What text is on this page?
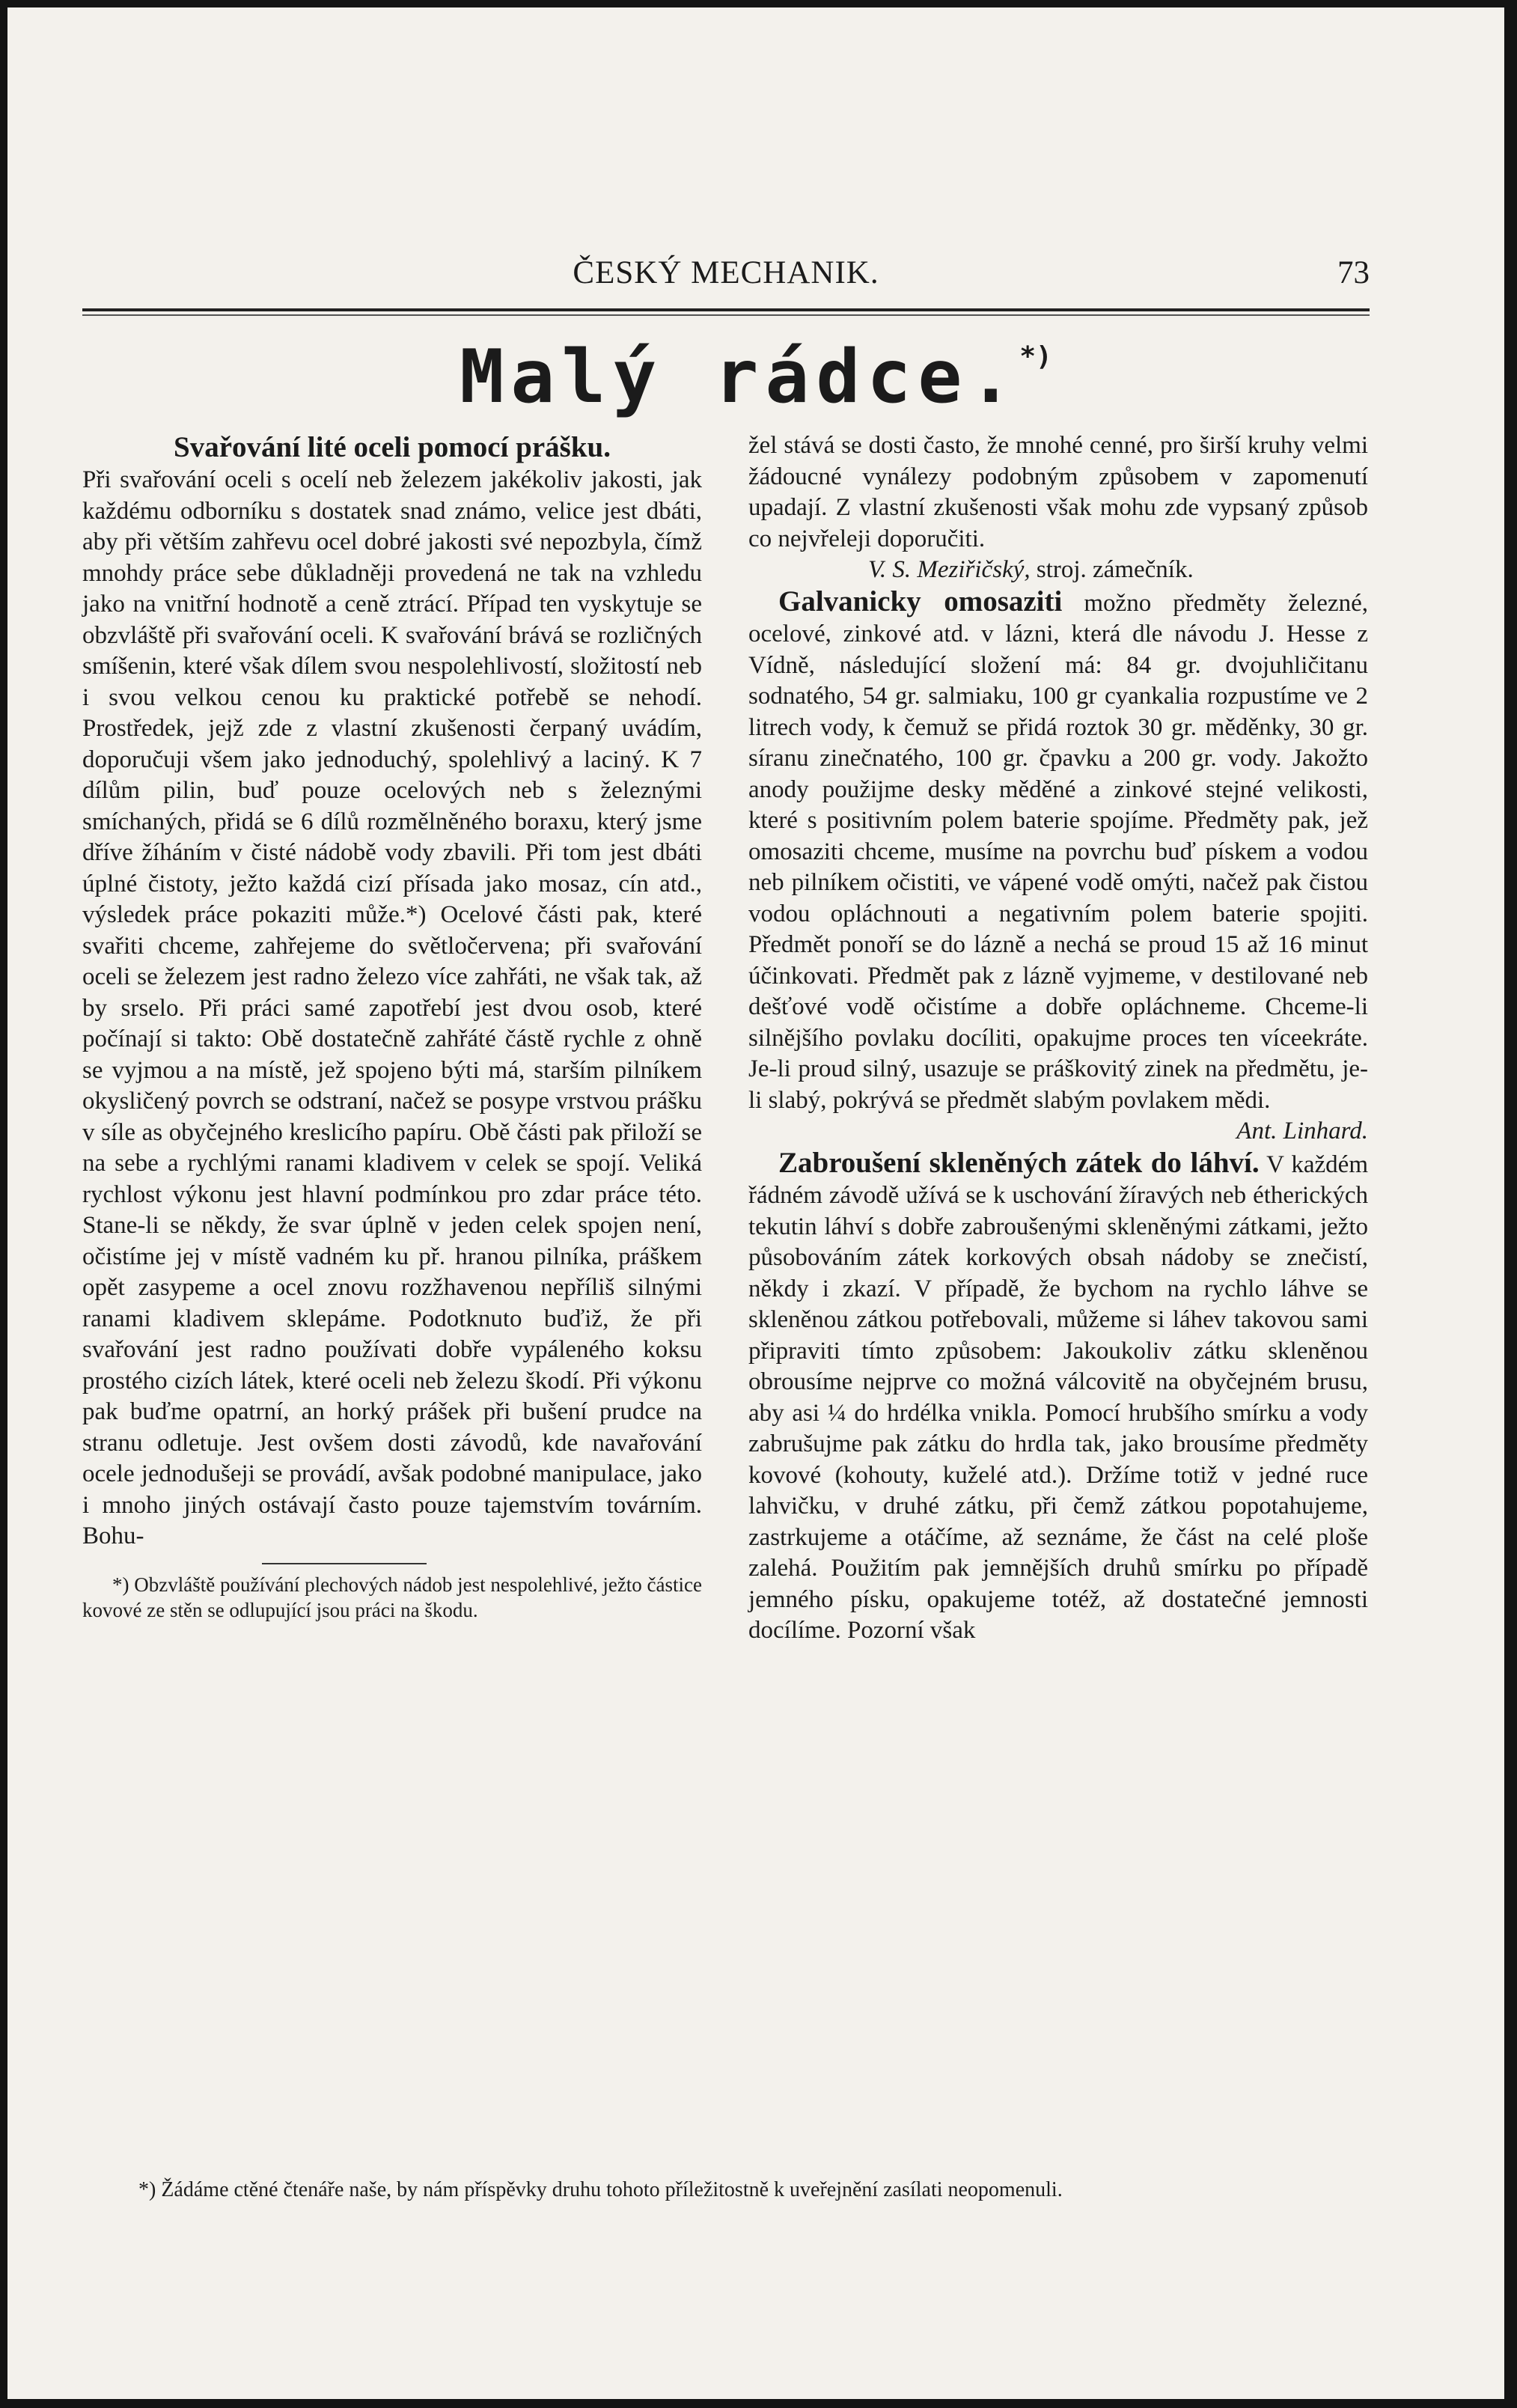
ČESKÝ MECHANIK.	73
Malý rádce.*)

Svařování lité oceli pomocí prášku.

Při svařování oceli s ocelí neb železem jakékoliv jakosti, jak každému odborníku s dostatek snad známo, velice jest dbáti, aby při větším zahřevu ocel dobré jakosti své nepozbyla, čímž mnohdy práce sebe důkladněji provedená ne tak na vzhledu jako na vnitřní hodnotě a ceně ztrácí. Případ ten vyskytuje se obzvláště při svařování oceli. K svařování brává se rozličných smíšenin, které však dílem svou nespolehlivostí, složitostí neb i svou velkou cenou ku praktické potřebě se nehodí. Prostředek, jejž zde z vlastní zkušenosti čerpaný uvádím, doporučuji všem jako jednoduchý, spolehlivý a laciný. K 7 dílům pilin, buď pouze ocelových neb s železnými smíchaných, přidá se 6 dílů rozmělněného boraxu, který jsme dříve žíháním v čisté nádobě vody zbavili. Při tom jest dbáti úplné čistoty, ježto každá cizí přísada jako mosaz, cín atd., výsledek práce pokaziti může.*) Ocelové části pak, které svařiti chceme, zahřejeme do světločervena; při svařování oceli se železem jest radno železo více zahřáti, ne však tak, až by srselo. Při práci samé zapotřebí jest dvou osob, které počínají si takto: Obě dostatečně zahřáté částě rychle z ohně se vyjmou a na místě, jež spojeno býti má, starším pilníkem okysličený povrch se odstraní, načež se posype vrstvou prášku v síle as obyčejného kreslicího papíru. Obě části pak přiloží se na sebe a rychlými ranami kladivem v celek se spojí. Veliká rychlost výkonu jest hlavní podmínkou pro zdar práce této. Stane-li se někdy, že svar úplně v jeden celek spojen není, očistíme jej v místě vadném ku př. hranou pilníka, práškem opět zasypeme a ocel znovu rozžhavenou nepříliš silnými ranami kladivem sklepáme. Podotknuto buďiž, že při svařování jest radno používati dobře vypáleného koksu prostého cizích látek, které oceli neb železu škodí. Při výkonu pak buďme opatrní, an horký prášek při bušení prudce na stranu odletuje. Jest ovšem dosti závodů, kde navařování ocele jednodušeji se provádí, avšak podobné manipulace, jako i mnoho jiných ostávají často pouze tajemstvím továrním. Bohu-

*) Obzvláště používání plechových nádob jest nespolehlivé, ježto částice kovové ze stěn se odlupující jsou práci na škodu.

žel stává se dosti často, že mnohé cenné, pro širší kruhy velmi žádoucné vynálezy podobným způsobem v zapomenutí upadají. Z vlastní zkušenosti však mohu zde vypsaný způsob co nejvřeleji doporučiti.

V. S. Meziřičský, stroj. zámečník.

Galvanicky omosaziti možno předměty železné, ocelové, zinkové atd. v lázni, která dle návodu J. Hesse z Vídně, následující složení má: 84 gr. dvojuhličitanu sodnatého, 54 gr. salmiaku, 100 gr cyankalia rozpustíme ve 2 litrech vody, k čemuž se přidá roztok 30 gr. měděnky, 30 gr. síranu zinečnatého, 100 gr. čpavku a 200 gr. vody. Jakožto anody použijme desky měděné a zinkové stejné velikosti, které s positivním polem baterie spojíme. Předměty pak, jež omosaziti chceme, musíme na povrchu buď pískem a vodou neb pilníkem očistiti, ve vápené vodě omýti, načež pak čistou vodou opláchnouti a negativním polem baterie spojiti. Předmět ponoří se do lázně a nechá se proud 15 až 16 minut účinkovati. Předmět pak z lázně vyjmeme, v destilované neb dešťové vodě očistíme a dobře opláchneme. Chceme-li silnějšího povlaku docíliti, opakujme proces ten víceekráte. Je-li proud silný, usazuje se práškovitý zinek na předmětu, je-li slabý, pokrývá se předmět slabým povlakem mědi.

Ant. Linhard.

Zabroušení skleněných zátek do láhví. V každém řádném závodě užívá se k uschování žíravých neb étherických tekutin láhví s dobře zabroušenými skleněnými zátkami, ježto působováním zátek korkových obsah nádoby se znečistí, někdy i zkazí. V případě, že bychom na rychlo láhve se skleněnou zátkou potřebovali, můžeme si láhev takovou sami připraviti tímto způsobem: Jakoukoliv zátku skleněnou obrousíme nejprve co možná válcovitě na obyčejném brusu, aby asi ¼ do hrdélka vnikla. Pomocí hrubšího smírku a vody zabrušujme pak zátku do hrdla tak, jako brousíme předměty kovové (kohouty, kuželé atd.). Držíme totiž v jedné ruce lahvičku, v druhé zátku, při čemž zátkou popotahujeme, zastrkujeme a otáčíme, až seznáme, že část na celé ploše zalehá. Použitím pak jemnějších druhů smírku po případě jemného písku, opakujeme totéž, až dostatečné jemnosti docílíme. Pozorní však

*) Žádáme ctěné čtenáře naše, by nám příspěvky druhu tohoto příležitostně k uveřejnění zasílati neopomenuli.
